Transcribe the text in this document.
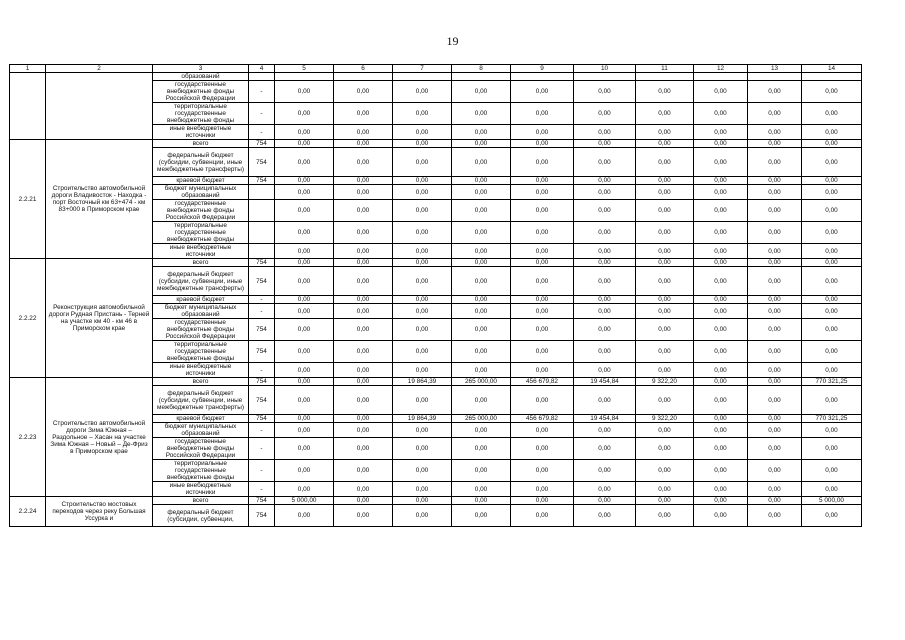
19
1	2	3	4	5	6	7	8	9	10	11	12	13	14
		образований											
		государственные внебюджетные фонды Российской Федерации	-	0,00	0,00	0,00	0,00	0,00	0,00	0,00	0,00	0,00	0,00
		территориальные государственные внебюджетные фонды	-	0,00	0,00	0,00	0,00	0,00	0,00	0,00	0,00	0,00	0,00
		иные внебюджетные источники	-	0,00	0,00	0,00	0,00	0,00	0,00	0,00	0,00	0,00	0,00
2.2.21	Строительство автомобильной дороги Владивосток - Находка - порт Восточный км 63+474 - км 83+000 в Приморском крае	всего	754	0,00	0,00	0,00	0,00	0,00	0,00	0,00	0,00	0,00	0,00
		федеральный бюджет (субсидии, субвенции, иные межбюджетные трансферты)	754	0,00	0,00	0,00	0,00	0,00	0,00	0,00	0,00	0,00	0,00
		краевой бюджет	754	0,00	0,00	0,00	0,00	0,00	0,00	0,00	0,00	0,00	0,00
		бюджет муниципальных образований		0,00	0,00	0,00	0,00	0,00	0,00	0,00	0,00	0,00	0,00
		государственные внебюджетные фонды Российской Федерации		0,00	0,00	0,00	0,00	0,00	0,00	0,00	0,00	0,00	0,00
		территориальные государственные внебюджетные фонды		0,00	0,00	0,00	0,00	0,00	0,00	0,00	0,00	0,00	0,00
		иные внебюджетные источники		0,00	0,00	0,00	0,00	0,00	0,00	0,00	0,00	0,00	0,00
2.2.22	Реконструкция автомобильной дороги Рудная Пристань - Терней на участке км 40 - км 46 в Приморском крае	всего	754	0,00	0,00	0,00	0,00	0,00	0,00	0,00	0,00	0,00	0,00
		федеральный бюджет (субсидии, субвенции, иные межбюджетные трансферты)	754	0,00	0,00	0,00	0,00	0,00	0,00	0,00	0,00	0,00	0,00
		краевой бюджет	-	0,00	0,00	0,00	0,00	0,00	0,00	0,00	0,00	0,00	0,00
		бюджет муниципальных образований	-	0,00	0,00	0,00	0,00	0,00	0,00	0,00	0,00	0,00	0,00
		государственные внебюджетные фонды Российской Федерации	754	0,00	0,00	0,00	0,00	0,00	0,00	0,00	0,00	0,00	0,00
		территориальные государственные внебюджетные фонды	754	0,00	0,00	0,00	0,00	0,00	0,00	0,00	0,00	0,00	0,00
		иные внебюджетные источники	-	0,00	0,00	0,00	0,00	0,00	0,00	0,00	0,00	0,00	0,00
2.2.23	Строительство автомобильной дороги Зима Южная – Раздольное – Хасан на участке Зима Южная – Новый – Де-Фриз в Приморском крае	всего	754	0,00	0,00	19 864,39	265 000,00	456 679,82	19 454,84	9 322,20	0,00	0,00	770 321,25
		федеральный бюджет (субсидии, субвенции, иные межбюджетные трансферты)	754	0,00	0,00	0,00	0,00	0,00	0,00	0,00	0,00	0,00	0,00
		краевой бюджет	754	0,00	0,00	19 864,39	265 000,00	456 679,82	19 454,84	9 322,20	0,00	0,00	770 321,25
		бюджет муниципальных образований	-	0,00	0,00	0,00	0,00	0,00	0,00	0,00	0,00	0,00	0,00
		государственные внебюджетные фонды Российской Федерации	-	0,00	0,00	0,00	0,00	0,00	0,00	0,00	0,00	0,00	0,00
		территориальные государственные внебюджетные фонды	-	0,00	0,00	0,00	0,00	0,00	0,00	0,00	0,00	0,00	0,00
		иные внебюджетные источники	-	0,00	0,00	0,00	0,00	0,00	0,00	0,00	0,00	0,00	0,00
2.2.24	Строительство мостовых переходов через реку Большая Уссурка и	всего	754	5 000,00	0,00	0,00	0,00	0,00	0,00	0,00	0,00	0,00	5 000,00
		федеральный бюджет (субсидии, субвенции,	754	0,00	0,00	0,00	0,00	0,00	0,00	0,00	0,00	0,00	0,00
